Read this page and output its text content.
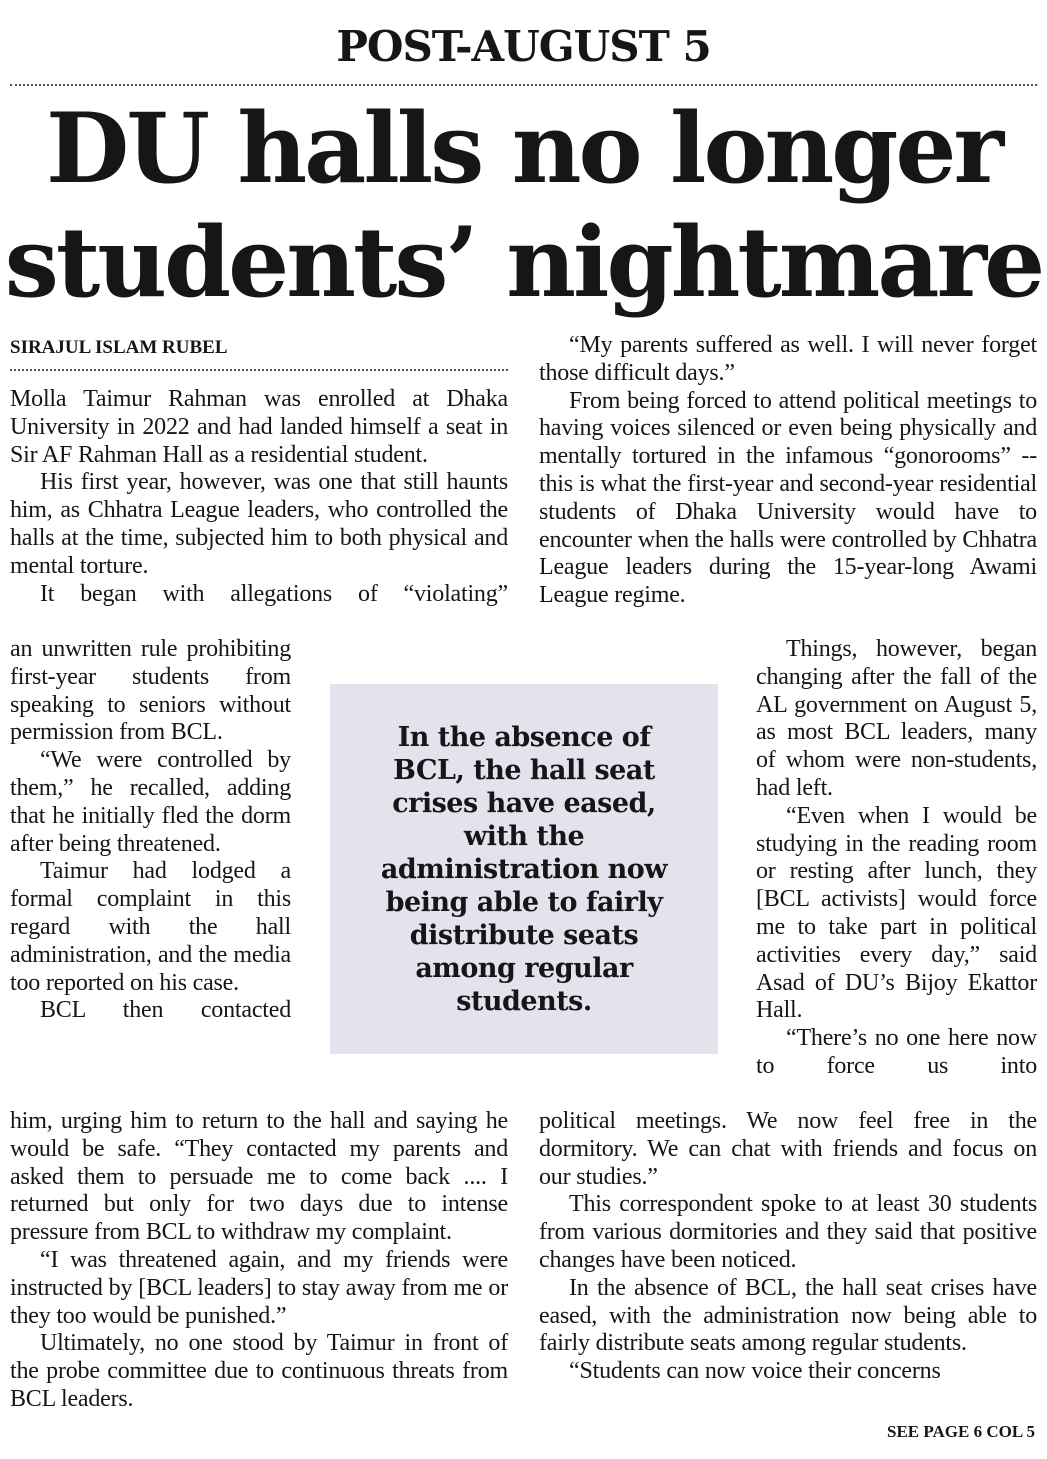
POST-AUGUST 5
DU halls no longer
students’ nightmare
SIRAJUL ISLAM RUBEL

Molla Taimur Rahman was enrolled at Dhaka University in 2022 and had landed himself a seat in Sir AF Rahman Hall as a residential student.

His first year, however, was one that still haunts him, as Chhatra League leaders, who controlled the halls at the time, subjected him to both physical and mental torture.

It began with allegations of “violating”

an unwritten rule prohibiting first-year students from speaking to seniors without permission from BCL.

“We were controlled by them,” he recalled, adding that he initially fled the dorm after being threatened.

Taimur had lodged a formal complaint in this regard with the hall administration, and the media too reported on his case.

BCL then contacted

him, urging him to return to the hall and saying he would be safe. “They contacted my parents and asked them to persuade me to come back .... I returned but only for two days due to intense pressure from BCL to withdraw my complaint.

“I was threatened again, and my friends were instructed by [BCL leaders] to stay away from me or they too would be punished.”

Ultimately, no one stood by Taimur in front of the probe committee due to continuous threats from BCL leaders.

In the absence of BCL, the hall seat crises have eased, with the administration now being able to fairly distribute seats among regular students.

“My parents suffered as well. I will never forget those difficult days.”

From being forced to attend political meetings to having voices silenced or even being physically and mentally tortured in the infamous “gonorooms” -- this is what the first-year and second-year residential students of Dhaka University would have to encounter when the halls were controlled by Chhatra League leaders during the 15-year-long Awami League regime.

Things, however, began changing after the fall of the AL government on August 5, as most BCL leaders, many of whom were non-students, had left.

“Even when I would be studying in the reading room or resting after lunch, they [BCL activists] would force me to take part in political activities every day,” said Asad of DU’s Bijoy Ekattor Hall.

“There’s no one here now to force us into

political meetings. We now feel free in the dormitory. We can chat with friends and focus on our studies.”

This correspondent spoke to at least 30 students from various dormitories and they said that positive changes have been noticed.

In the absence of BCL, the hall seat crises have eased, with the administration now being able to fairly distribute seats among regular students.

“Students can now voice their concerns

SEE PAGE 6 COL 5
